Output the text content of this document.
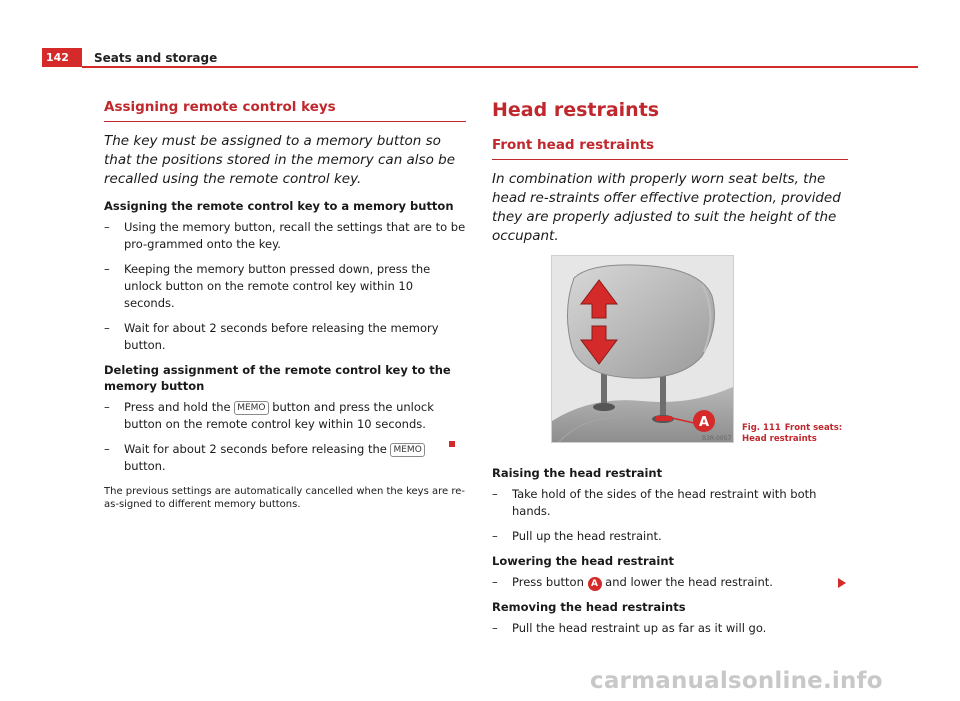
142	Seats and storage
Assigning remote control keys
The key must be assigned to a memory button so that the positions stored in the memory can also be recalled using the remote control key.
Assigning the remote control key to a memory button
– Using the memory button, recall the settings that are to be pro-grammed onto the key.
– Keeping the memory button pressed down, press the unlock button on the remote control key within 10 seconds.
– Wait for about 2 seconds before releasing the memory button.
Deleting assignment of the remote control key to the memory button
– Press and hold the MEMO button and press the unlock button on the remote control key within 10 seconds.
– Wait for about 2 seconds before releasing the MEMO button.
The previous settings are automatically cancelled when the keys are re-as-signed to different memory buttons.
Head restraints
Front head restraints
In combination with properly worn seat belts, the head re-straints offer effective protection, provided they are properly adjusted to suit the height of the occupant.
A
B3R-0057
Fig. 111 Front seats: Head restraints
Raising the head restraint
– Take hold of the sides of the head restraint with both hands.
– Pull up the head restraint.
Lowering the head restraint
– Press button A and lower the head restraint.
Removing the head restraints
– Pull the head restraint up as far as it will go.
carmanualsonline.info
